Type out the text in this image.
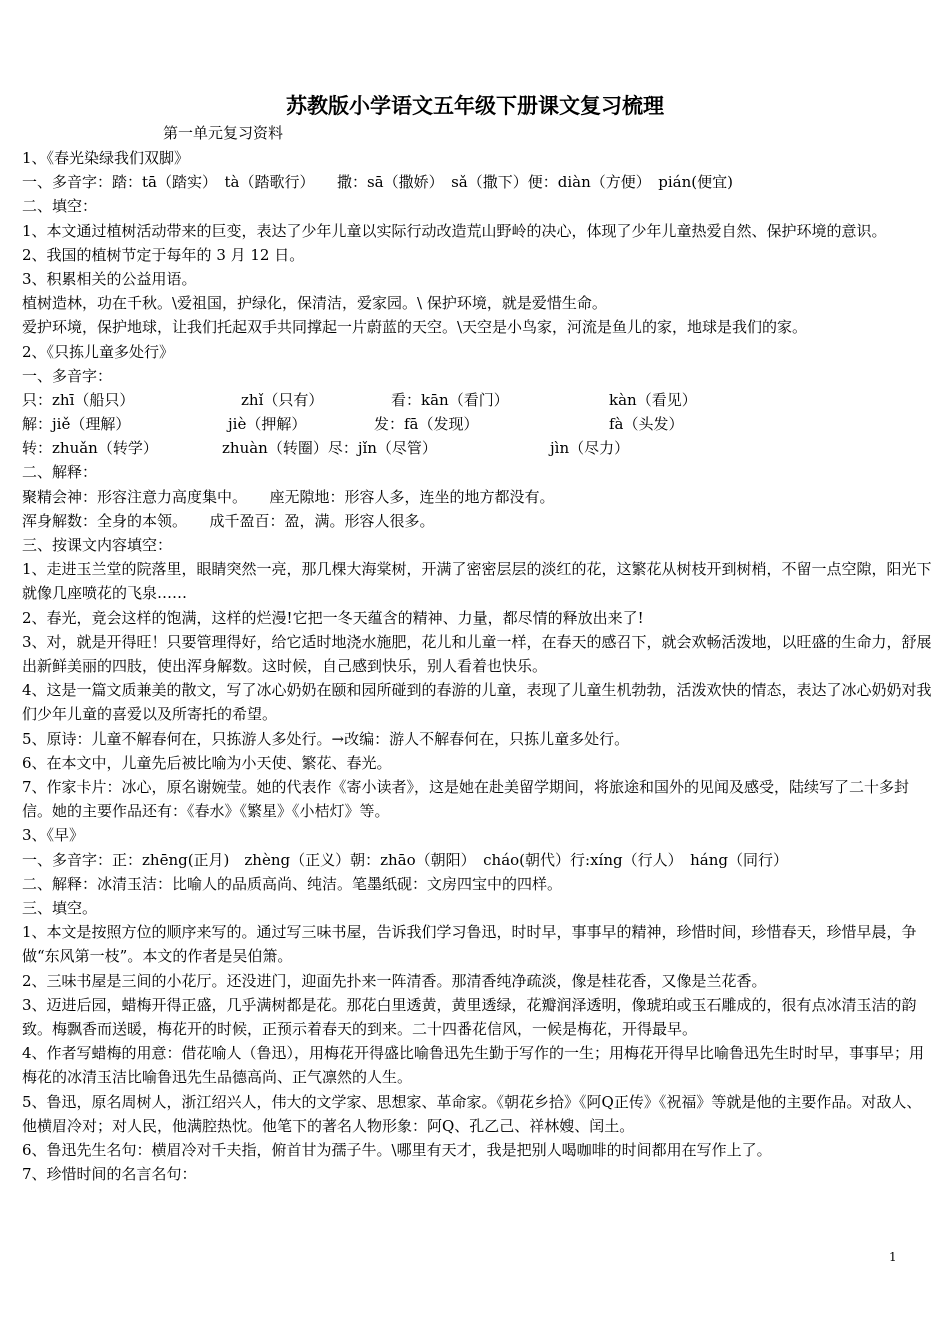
苏教版小学语文五年级下册课文复习梳理
第一单元复习资料
1、《春光染绿我们双脚》
一、多音字：踏：tā（踏实）　tà（踏歌行）　　撒：sā（撒娇）　sǎ（撒下）便：diàn（方便）　pián(便宜)
二、填空：
1、本文通过植树活动带来的巨变，表达了少年儿童以实际行动改造荒山野岭的决心，体现了少年儿童热爱自然、保护环境的意识。
2、我国的植树节定于每年的 3 月 12 日。
3、积累相关的公益用语。
植树造林，功在千秋。\爱祖国，护绿化，保清洁，爱家园。\ 保护环境，就是爱惜生命。
爱护环境，保护地球，让我们托起双手共同撑起一片蔚蓝的天空。\天空是小鸟家，河流是鱼儿的家，地球是我们的家。
2、《只拣儿童多处行》
一、多音字：
只：zhī（船只）	zhǐ（只有）	看：kān（看门）	kàn（看见）
解：jiě（理解）	jiè（押解）	发：fā（发现）	fà（头发）
转：zhuǎn（转学）	zhuàn（转圈）尽：jǐn（尽管）	jìn（尽力）
二、解释：
聚精会神：形容注意力高度集中。　　座无隙地：形容人多，连坐的地方都没有。
浑身解数：全身的本领。　　成千盈百：盈，满。形容人很多。
三、按课文内容填空：
1、走进玉兰堂的院落里，眼睛突然一亮，那几棵大海棠树，开满了密密层层的淡红的花，这繁花从树枝开到树梢，不留一点空隙，阳光下就像几座喷花的飞泉……
2、春光，竟会这样的饱满，这样的烂漫!它把一冬天蕴含的精神、力量，都尽情的释放出来了!
3、对，就是开得旺！只要管理得好，给它适时地浇水施肥，花儿和儿童一样，在春天的感召下，就会欢畅活泼地，以旺盛的生命力，舒展出新鲜美丽的四肢，使出浑身解数。这时候，自己感到快乐，别人看着也快乐。
4、这是一篇文质兼美的散文，写了冰心奶奶在颐和园所碰到的春游的儿童，表现了儿童生机勃勃，活泼欢快的情态，表达了冰心奶奶对我们少年儿童的喜爱以及所寄托的希望。
5、原诗：儿童不解春何在，只拣游人多处行。→改编：游人不解春何在，只拣儿童多处行。
6、在本文中，儿童先后被比喻为小天使、繁花、春光。
7、作家卡片：冰心，原名谢婉莹。她的代表作《寄小读者》，这是她在赴美留学期间，将旅途和国外的见闻及感受，陆续写了二十多封信。她的主要作品还有：《春水》《繁星》《小桔灯》等。
3、《早》
一、多音字：正：zhēng(正月)　zhèng（正义）朝：zhāo（朝阳）　cháo(朝代）行:xíng（行人）　háng（同行）
二、解释：冰清玉洁：比喻人的品质高尚、纯洁。笔墨纸砚：文房四宝中的四样。
三、填空。
1、本文是按照方位的顺序来写的。通过写三味书屋，告诉我们学习鲁迅，时时早，事事早的精神，珍惜时间，珍惜春天，珍惜早晨，争做“东风第一枝”。本文的作者是吴伯箫。
2、三味书屋是三间的小花厅。还没进门，迎面先扑来一阵清香。那清香纯净疏淡，像是桂花香，又像是兰花香。
3、迈进后园，蜡梅开得正盛，几乎满树都是花。那花白里透黄，黄里透绿，花瓣润泽透明，像琥珀或玉石雕成的，很有点冰清玉洁的韵致。梅飘香而送暖，梅花开的时候，正预示着春天的到来。二十四番花信风，一候是梅花，开得最早。
4、作者写蜡梅的用意：借花喻人（鲁迅），用梅花开得盛比喻鲁迅先生勤于写作的一生；用梅花开得早比喻鲁迅先生时时早，事事早；用梅花的冰清玉洁比喻鲁迅先生品德高尚、正气凛然的人生。
5、鲁迅，原名周树人，浙江绍兴人，伟大的文学家、思想家、革命家。《朝花乡拾》《阿Q正传》《祝福》等就是他的主要作品。对敌人、他横眉冷对；对人民，他满腔热忱。他笔下的著名人物形象：阿Q、孔乙己、祥林嫂、闰土。
6、鲁迅先生名句：横眉冷对千夫指，俯首甘为孺子牛。\哪里有天才，我是把别人喝咖啡的时间都用在写作上了。
7、珍惜时间的名言名句：
1
